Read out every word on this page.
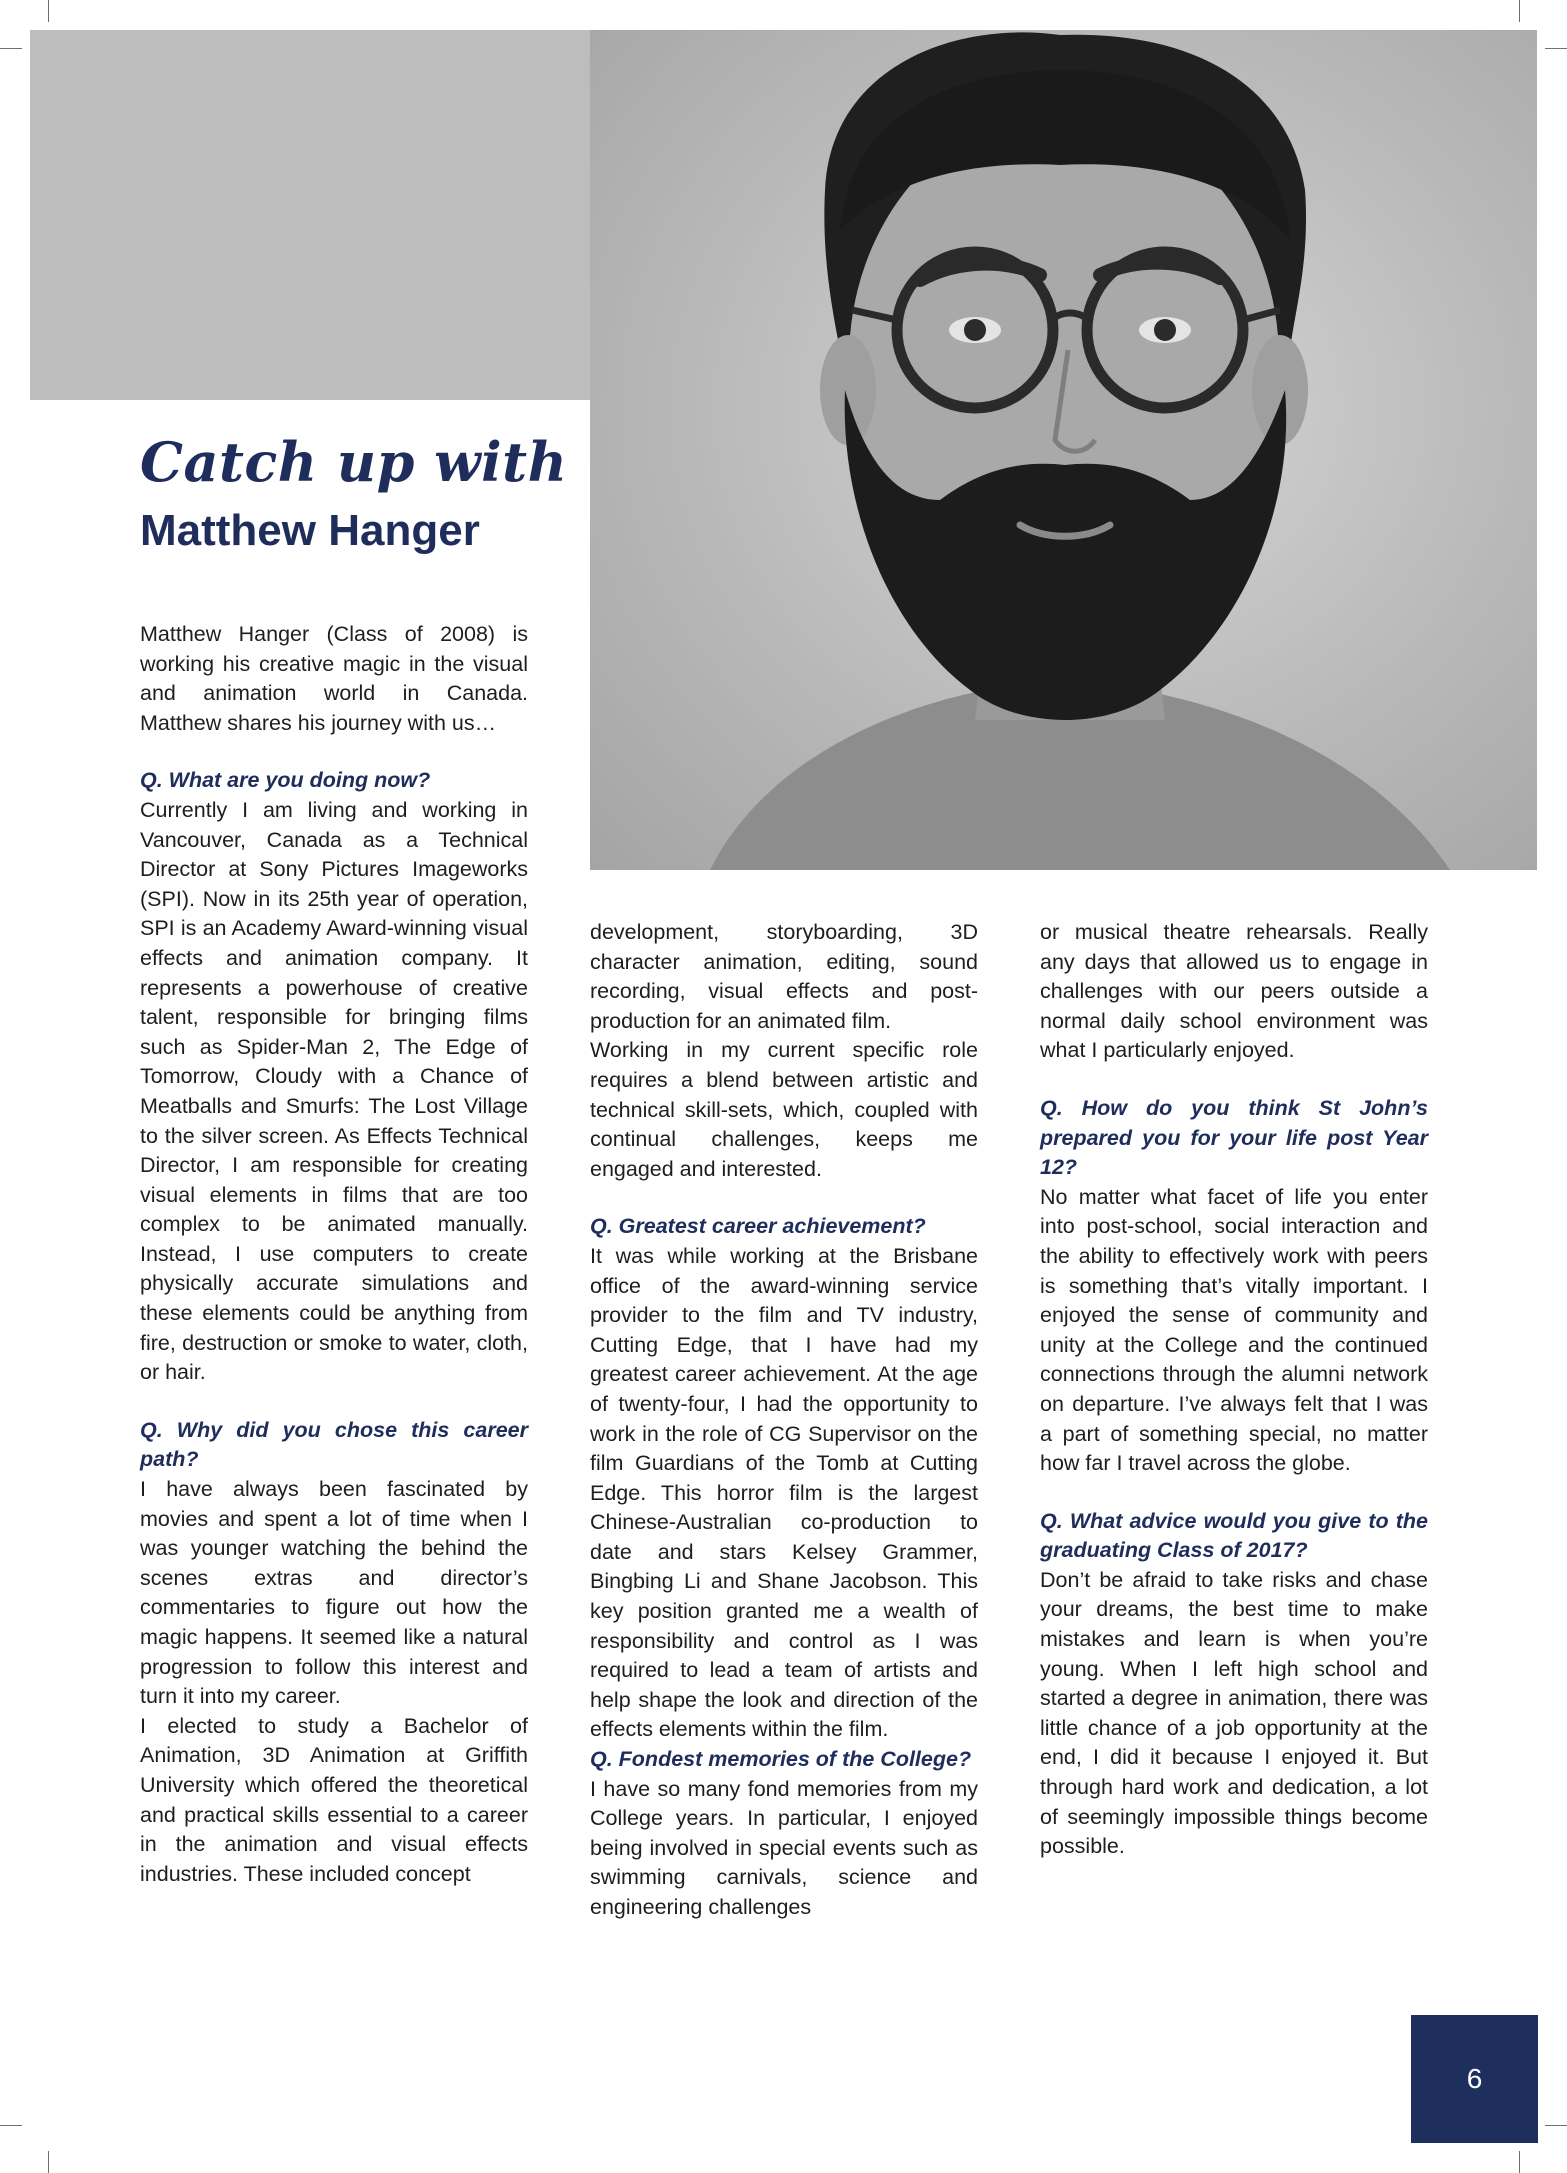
Catch up with
Matthew Hanger

Matthew Hanger (Class of 2008) is working his creative magic in the visual and animation world in Canada. Matthew shares his journey with us…

Q. What are you doing now?

Currently I am living and working in Vancouver, Canada as a Technical Director at Sony Pictures Imageworks (SPI). Now in its 25th year of operation, SPI is an Academy Award-winning visual effects and animation company. It represents a powerhouse of creative talent, responsible for bringing films such as Spider-Man 2, The Edge of Tomorrow, Cloudy with a Chance of Meatballs and Smurfs: The Lost Village to the silver screen. As Effects Technical Director, I am responsible for creating visual elements in films that are too complex to be animated manually. Instead, I use computers to create physically accurate simulations and these elements could be anything from fire, destruction or smoke to water, cloth, or hair.

Q. Why did you chose this career path?

I have always been fascinated by movies and spent a lot of time when I was younger watching the behind the scenes extras and director’s commentaries to figure out how the magic happens. It seemed like a natural progression to follow this interest and turn it into my career.

I elected to study a Bachelor of Animation, 3D Animation at Griffith University which offered the theoretical and practical skills essential to a career in the animation and visual effects industries. These included concept

development, storyboarding, 3D character animation, editing, sound recording, visual effects and post-production for an animated film.

Working in my current specific role requires a blend between artistic and technical skill-sets, which, coupled with continual challenges, keeps me engaged and interested.

Q. Greatest career achievement?

It was while working at the Brisbane office of the award-winning service provider to the film and TV industry, Cutting Edge, that I have had my greatest career achievement. At the age of twenty-four, I had the opportunity to work in the role of CG Supervisor on the film Guardians of the Tomb at Cutting Edge. This horror film is the largest Chinese-Australian co-production to date and stars Kelsey Grammer, Bingbing Li and Shane Jacobson. This key position granted me a wealth of responsibility and control as I was required to lead a team of artists and help shape the look and direction of the effects elements within the film.

Q. Fondest memories of the College?

I have so many fond memories from my College years. In particular, I enjoyed being involved in special events such as swimming carnivals, science and engineering challenges

or musical theatre rehearsals. Really any days that allowed us to engage in challenges with our peers outside a normal daily school environment was what I particularly enjoyed.

Q. How do you think St John’s prepared you for your life post Year 12?

No matter what facet of life you enter into post-school, social interaction and the ability to effectively work with peers is something that’s vitally important. I enjoyed the sense of community and unity at the College and the continued connections through the alumni network on departure. I’ve always felt that I was a part of something special, no matter how far I travel across the globe.

Q. What advice would you give to the graduating Class of 2017?

Don’t be afraid to take risks and chase your dreams, the best time to make mistakes and learn is when you’re young. When I left high school and started a degree in animation, there was little chance of a job opportunity at the end, I did it because I enjoyed it. But through hard work and dedication, a lot of seemingly impossible things become possible.

6
